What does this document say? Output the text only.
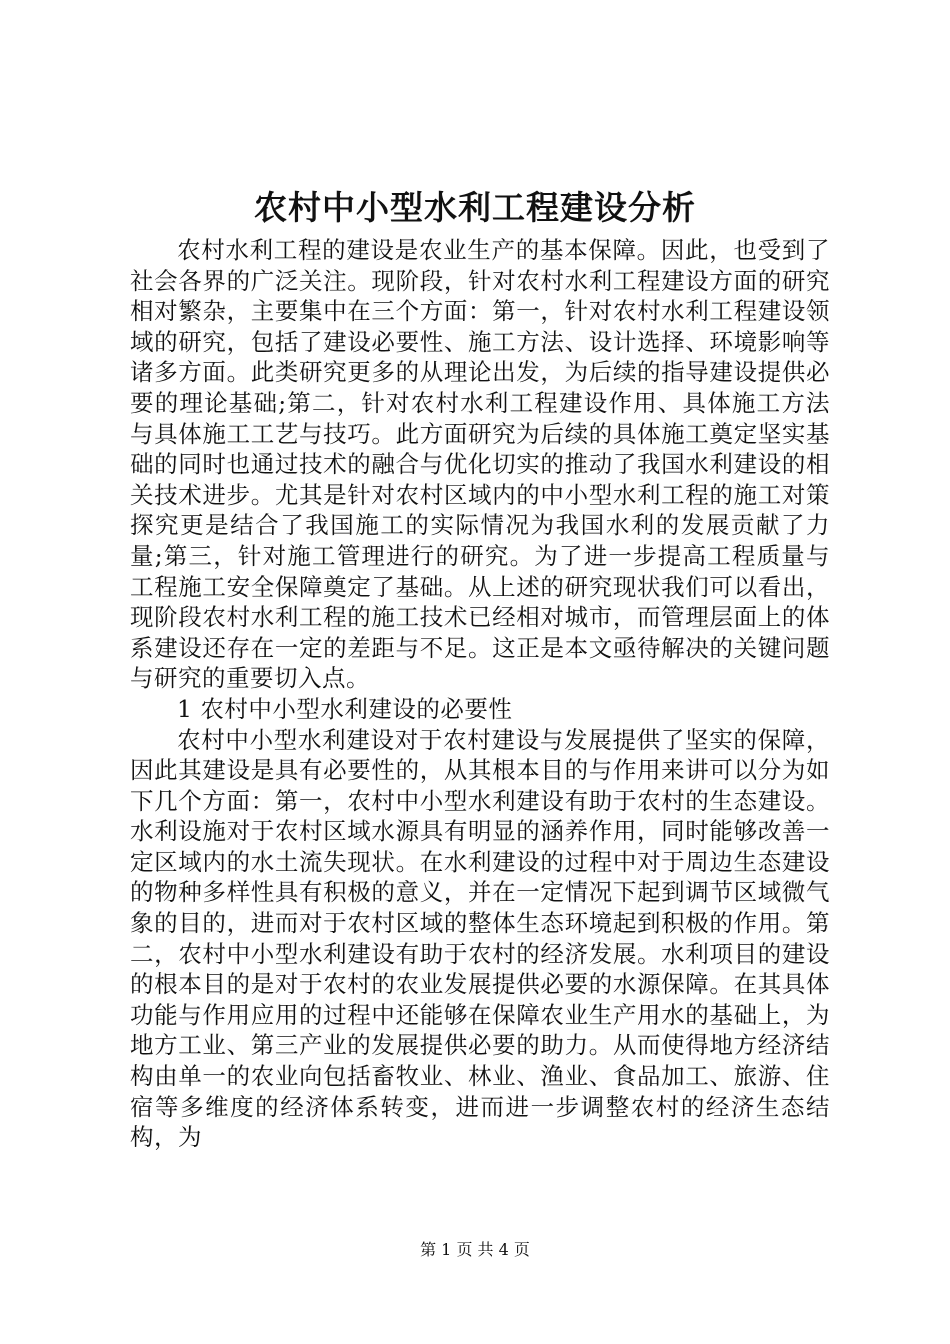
农村中小型水利工程建设分析

农村水利工程的建设是农业生产的基本保障。因此，也受到了社会各界的广泛关注。现阶段，针对农村水利工程建设方面的研究相对繁杂，主要集中在三个方面：第一，针对农村水利工程建设领域的研究，包括了建设必要性、施工方法、设计选择、环境影响等诸多方面。此类研究更多的从理论出发，为后续的指导建设提供必要的理论基础;第二，针对农村水利工程建设作用、具体施工方法与具体施工工艺与技巧。此方面研究为后续的具体施工奠定坚实基础的同时也通过技术的融合与优化切实的推动了我国水利建设的相关技术进步。尤其是针对农村区域内的中小型水利工程的施工对策探究更是结合了我国施工的实际情况为我国水利的发展贡献了力量;第三，针对施工管理进行的研究。为了进一步提高工程质量与工程施工安全保障奠定了基础。从上述的研究现状我们可以看出，现阶段农村水利工程的施工技术已经相对城市，而管理层面上的体系建设还存在一定的差距与不足。这正是本文亟待解决的关键问题与研究的重要切入点。

1 农村中小型水利建设的必要性

农村中小型水利建设对于农村建设与发展提供了坚实的保障，因此其建设是具有必要性的，从其根本目的与作用来讲可以分为如下几个方面：第一，农村中小型水利建设有助于农村的生态建设。水利设施对于农村区域水源具有明显的涵养作用，同时能够改善一定区域内的水土流失现状。在水利建设的过程中对于周边生态建设的物种多样性具有积极的意义，并在一定情况下起到调节区域微气象的目的，进而对于农村区域的整体生态环境起到积极的作用。第二，农村中小型水利建设有助于农村的经济发展。水利项目的建设的根本目的是对于农村的农业发展提供必要的水源保障。在其具体功能与作用应用的过程中还能够在保障农业生产用水的基础上，为地方工业、第三产业的发展提供必要的助力。从而使得地方经济结构由单一的农业向包括畜牧业、林业、渔业、食品加工、旅游、住宿等多维度的经济体系转变，进而进一步调整农村的经济生态结构，为

第 1 页 共 4 页
